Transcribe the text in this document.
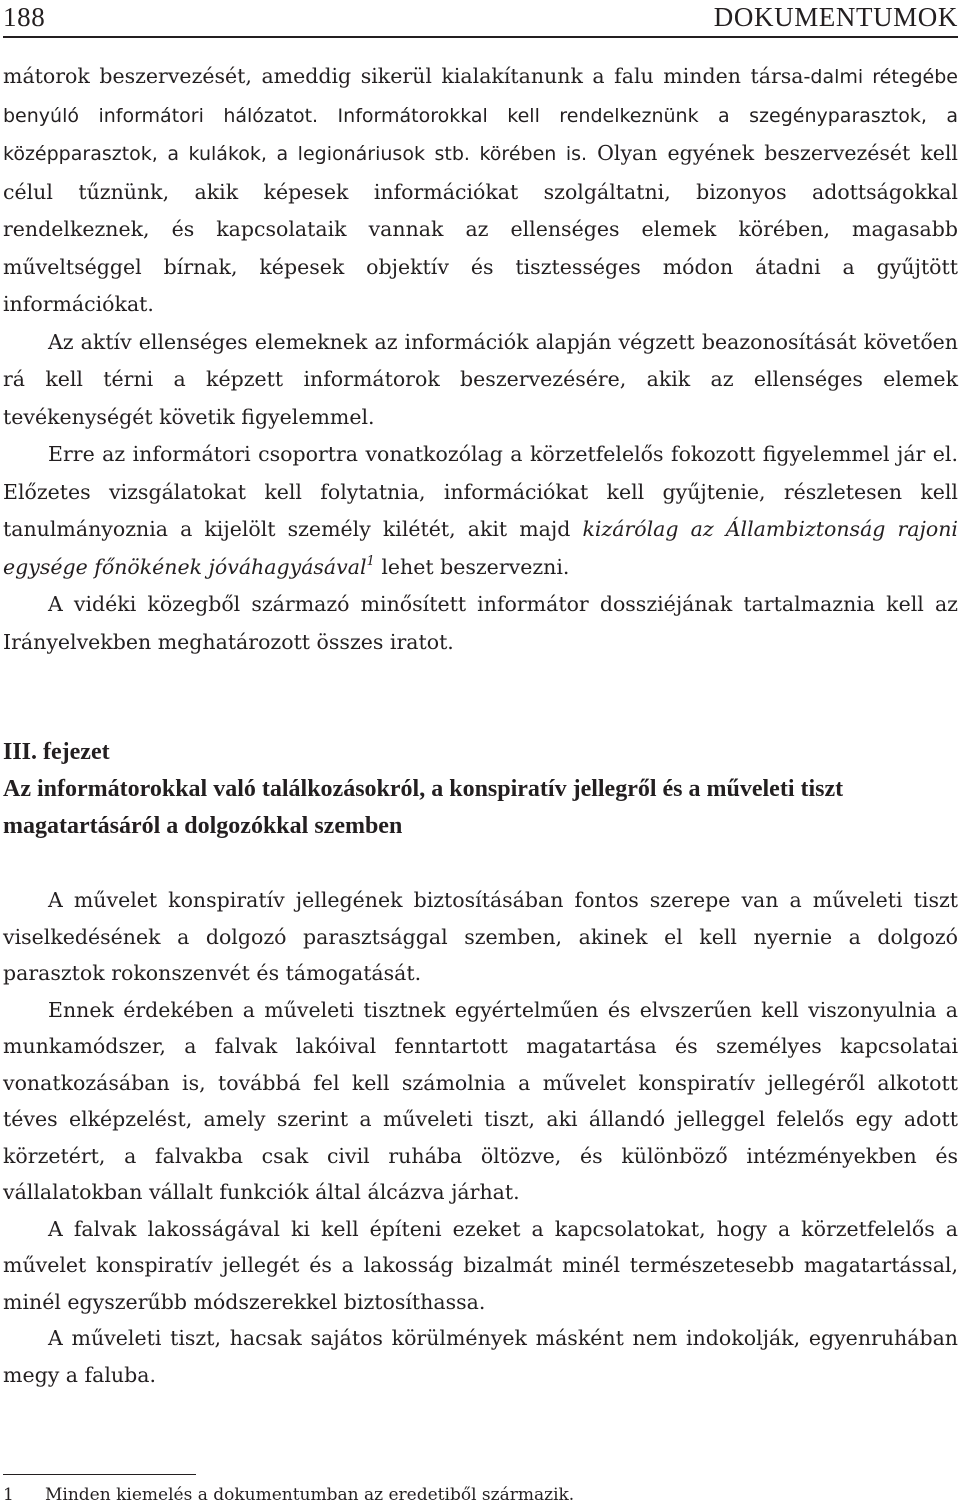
188	DOKUMENTUMOK

mátorok beszervezését, ameddig sikerül kialakítanunk a falu minden társa-dalmi rétegébe benyúló informátori hálózatot. Informátorokkal kell rendelkeznünk a szegényparasztok, a középparasztok, a kulákok, a legionáriusok stb. körében is. Olyan egyének beszervezését kell célul tűznünk, akik képesek információkat szolgáltatni, bizonyos adottságokkal rendelkeznek, és kapcsolataik vannak az ellenséges elemek körében, magasabb műveltséggel bírnak, képesek objektív és tisztességes módon átadni a gyűjtött információkat.

Az aktív ellenséges elemeknek az információk alapján végzett beazonosítását követően rá kell térni a képzett informátorok beszervezésére, akik az ellenséges elemek tevékenységét követik figyelemmel.

Erre az informátori csoportra vonatkozólag a körzetfelelős fokozott figyelemmel jár el. Előzetes vizsgálatokat kell folytatnia, információkat kell gyűjtenie, részletesen kell tanulmányoznia a kijelölt személy kilétét, akit majd kizárólag az Állambiztonság rajoni egysége főnökének jóváhagyásával$^1$ lehet beszervezni.

A vidéki közegből származó minősített informátor dossziéjának tartalmaznia kell az Irányelvekben meghatározott összes iratot.

III. fejezet
Az informátorokkal való találkozásokról, a konspiratív jellegről és a műveleti tiszt magatartásáról a dolgozókkal szemben

A művelet konspiratív jellegének biztosításában fontos szerepe van a műveleti tiszt viselkedésének a dolgozó parasztsággal szemben, akinek el kell nyernie a dolgozó parasztok rokonszenvét és támogatását.

Ennek érdekében a műveleti tisztnek egyértelműen és elvszerűen kell viszonyulnia a munkamódszer, a falvak lakóival fenntartott magatartása és személyes kapcsolatai vonatkozásában is, továbbá fel kell számolnia a művelet konspiratív jellegéről alkotott téves elképzelést, amely szerint a műveleti tiszt, aki állandó jelleggel felelős egy adott körzetért, a falvakba csak civil ruhába öltözve, és különböző intézményekben és vállalatokban vállalt funkciók által álcázva járhat.

A falvak lakosságával ki kell építeni ezeket a kapcsolatokat, hogy a körzetfelelős a művelet konspiratív jellegét és a lakosság bizalmát minél természetesebb magatartással, minél egyszerűbb módszerekkel biztosíthassa.

A műveleti tiszt, hacsak sajátos körülmények másként nem indokolják, egyenruhában megy a faluba.

1 Minden kiemelés a dokumentumban az eredetiből származik.
